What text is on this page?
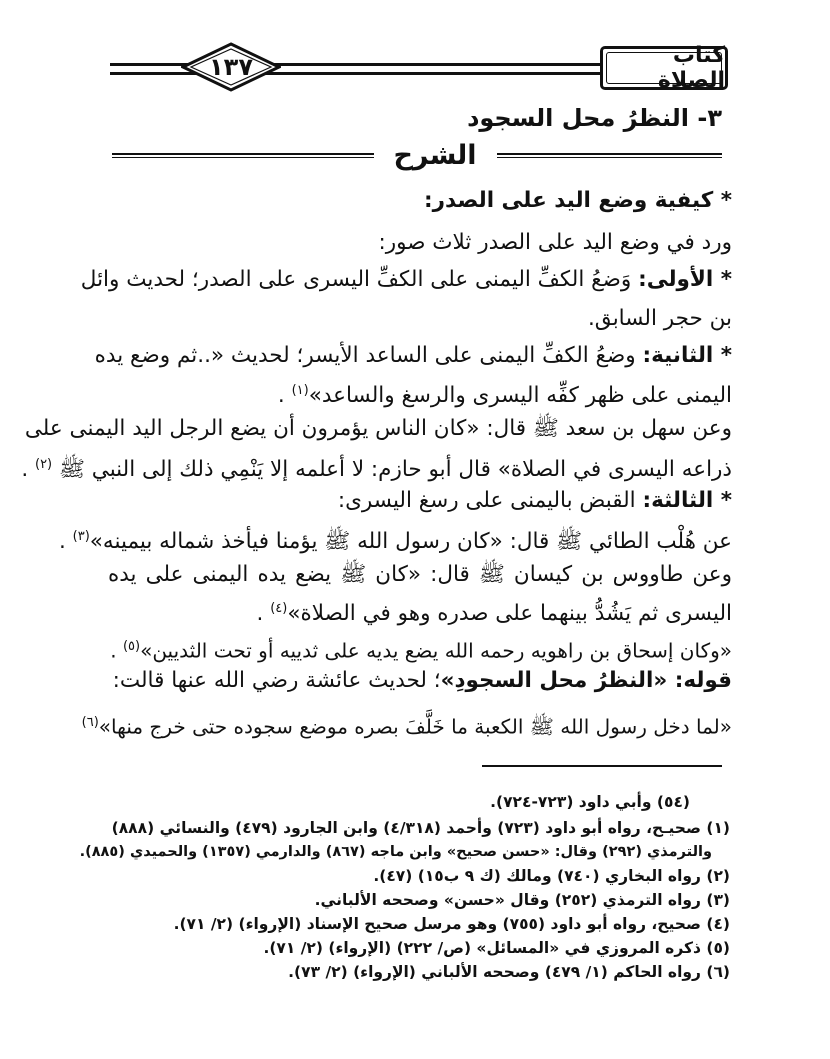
١٣٧	كتاب الصلاة
٣- النظرُ محل السجود
الشرح
* كيفية وضع اليد على الصدر:
ورد في وضع اليد على الصدر ثلاث صور:
* الأولى: وَضعُ الكفِّ اليمنى على الكفِّ اليسرى على الصدر؛ لحديث وائل
بن حجر السابق.
* الثانية: وضعُ الكفِّ اليمنى على الساعد الأيسر؛ لحديث «..ثم وضع يده
اليمنى على ظهر كفِّه اليسرى والرسغ والساعد»$^{(١)}$ .
وعن سهل بن سعد ﷺ قال: «كان الناس يؤمرون أن يضع الرجل اليد اليمنى على
ذراعه اليسرى في الصلاة» قال أبو حازم: لا أعلمه إلا يَنْمِي ذلك إلى النبي ﷺ $^{(٢)}$ .
* الثالثة: القبض باليمنى على رسغ اليسرى:
عن هُلْب الطائي ﷺ قال: «كان رسول الله ﷺ يؤمنا فيأخذ شماله بيمينه»$^{(٣)}$ .
وعن طاووس بن كيسان ﷺ قال: «كان ﷺ يضع يده اليمنى على يده
اليسرى ثم يَشُدُّ بينهما على صدره وهو في الصلاة»$^{(٤)}$ .
«وكان إسحاق بن راهويه رحمه الله يضع يديه على ثدييه أو تحت الثديين»$^{(٥)}$ .
قوله: «النظرُ محل السجودِ»؛ لحديث عائشة رضي الله عنها قالت:
«لما دخل رسول الله ﷺ الكعبة ما خَلَّفَ بصره موضع سجوده حتى خرج منها»$^{(٦)}$
(٥٤) وأبي داود (٧٢٣-٧٢٤).
(١) صحيـح، رواه أبو داود (٧٢٣) وأحمد (٤/٣١٨) وابن الجارود (٤٧٩) والنسائي (٨٨٨)
والترمذي (٢٩٢) وقال: «حسن صحيح» وابن ماجه (٨٦٧) والدارمي (١٣٥٧) والحميدي (٨٨٥).
(٢) رواه البخاري (٧٤٠) ومالك (ك ٩ ب١٥) (٤٧).
(٣) رواه الترمذي (٢٥٢) وقال «حسن» وصححه الألباني.
(٤) صحيح، رواه أبو داود (٧٥٥) وهو مرسل صحيح الإسناد (الإرواء) (٢/ ٧١).
(٥) ذكره المروزي في «المسائل» (ص/ ٢٢٢) (الإرواء) (٢/ ٧١).
(٦) رواه الحاكم (١/ ٤٧٩) وصححه الألباني (الإرواء) (٢/ ٧٣).
